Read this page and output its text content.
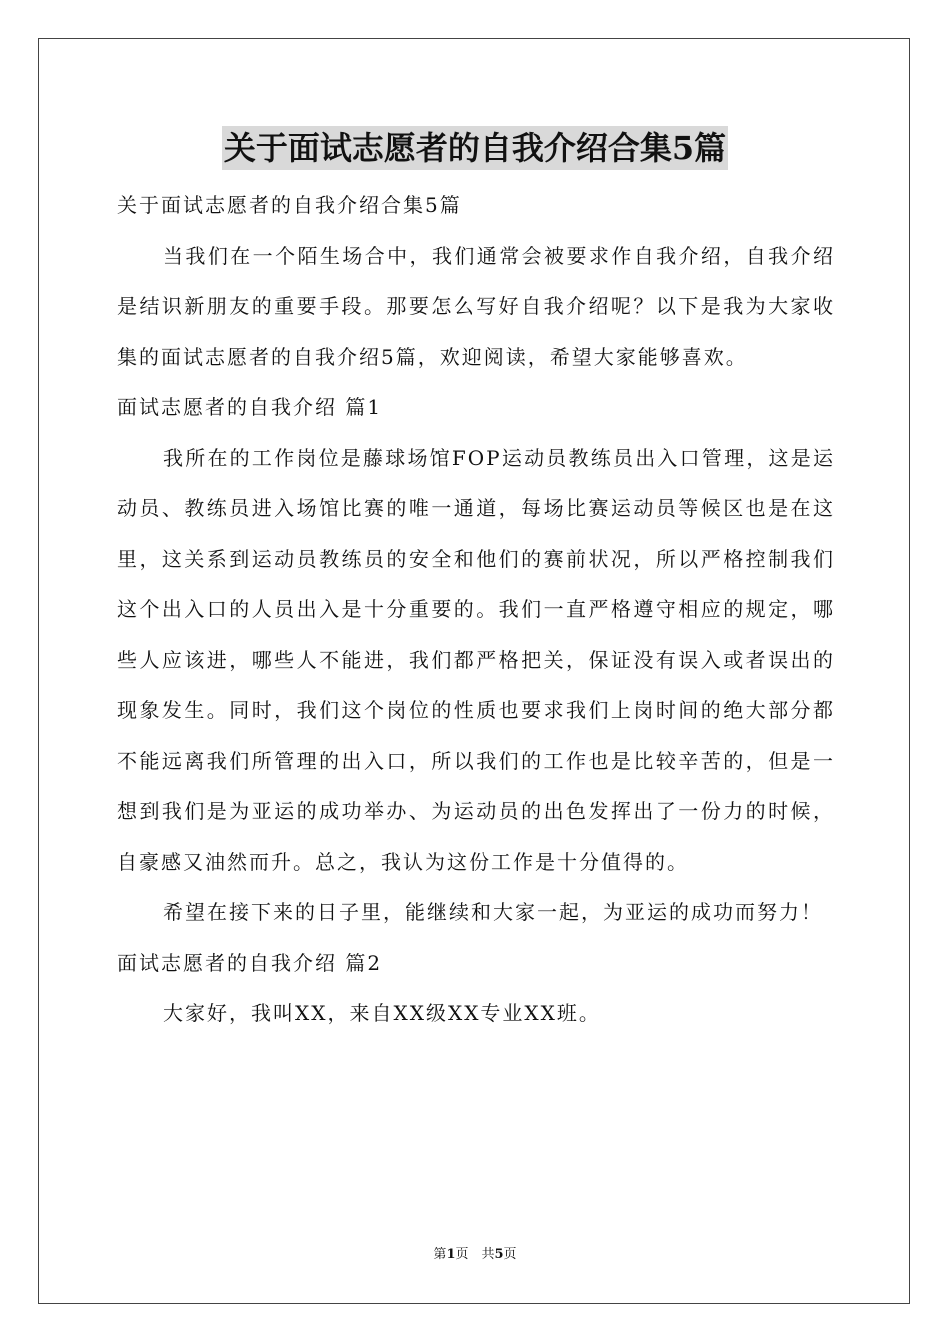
关于面试志愿者的自我介绍合集5篇

关于面试志愿者的自我介绍合集5篇

当我们在一个陌生场合中，我们通常会被要求作自我介绍，自我介绍是结识新朋友的重要手段。那要怎么写好自我介绍呢？以下是我为大家收集的面试志愿者的自我介绍5篇，欢迎阅读，希望大家能够喜欢。

面试志愿者的自我介绍 篇1

我所在的工作岗位是藤球场馆FOP运动员教练员出入口管理，这是运动员、教练员进入场馆比赛的唯一通道，每场比赛运动员等候区也是在这里，这关系到运动员教练员的安全和他们的赛前状况，所以严格控制我们这个出入口的人员出入是十分重要的。我们一直严格遵守相应的规定，哪些人应该进，哪些人不能进，我们都严格把关，保证没有误入或者误出的现象发生。同时，我们这个岗位的性质也要求我们上岗时间的绝大部分都不能远离我们所管理的出入口，所以我们的工作也是比较辛苦的，但是一想到我们是为亚运的成功举办、为运动员的出色发挥出了一份力的时候，自豪感又油然而升。总之，我认为这份工作是十分值得的。

希望在接下来的日子里，能继续和大家一起，为亚运的成功而努力！

面试志愿者的自我介绍 篇2

大家好，我叫XX，来自XX级XX专业XX班。

第1页　共5页
